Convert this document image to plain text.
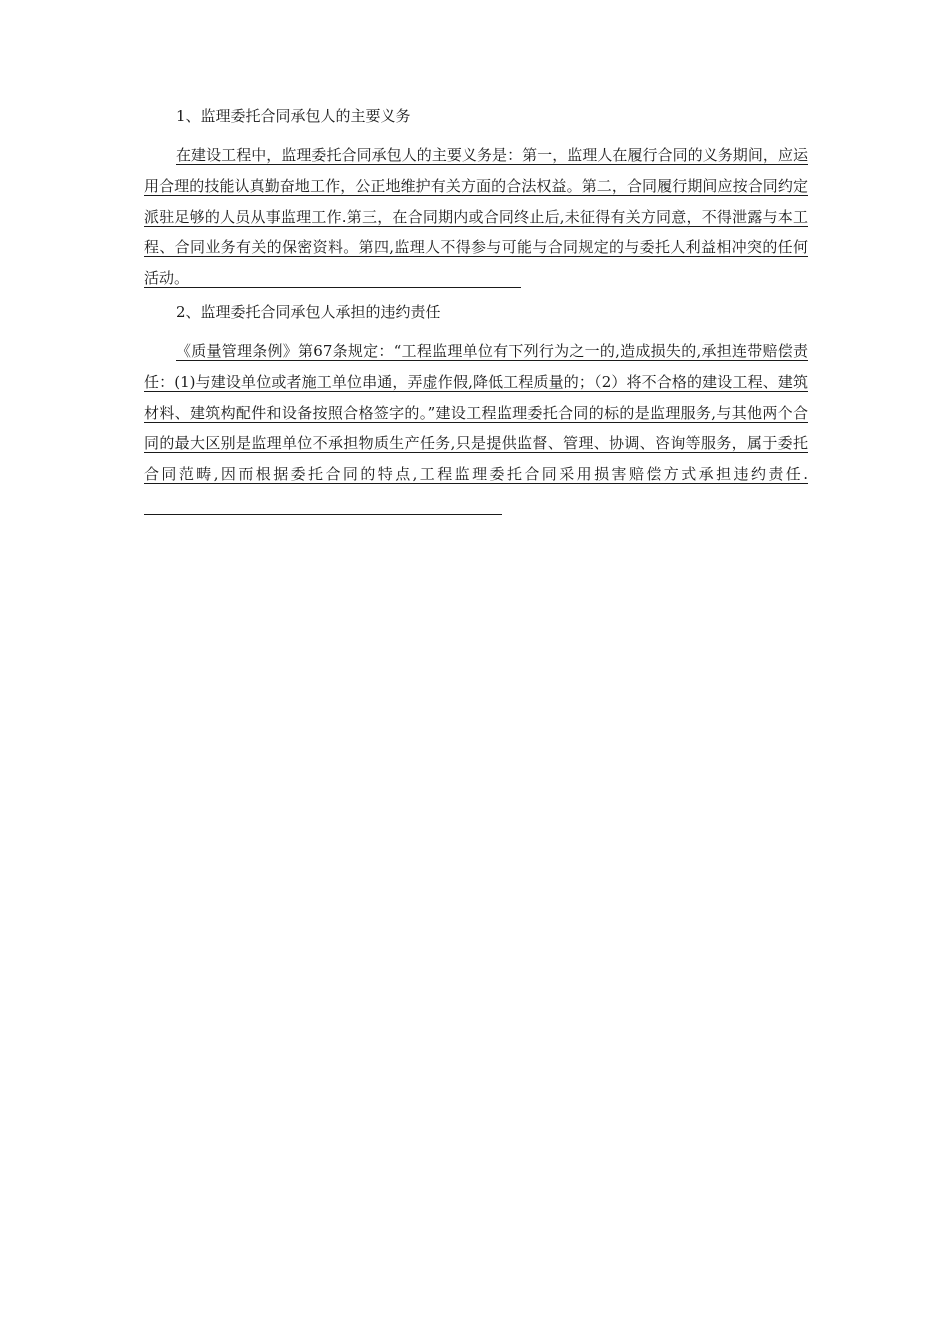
1、监理委托合同承包人的主要义务

在建设工程中，监理委托合同承包人的主要义务是：第一，监理人在履行合同的义务期间，应运用合理的技能认真勤奋地工作，公正地维护有关方面的合法权益。第二，合同履行期间应按合同约定派驻足够的人员从事监理工作.第三，在合同期内或合同终止后,未征得有关方同意，不得泄露与本工程、合同业务有关的保密资料。第四,监理人不得参与可能与合同规定的与委托人利益相冲突的任何活动。

2、监理委托合同承包人承担的违约责任

《质量管理条例》第67条规定：“工程监理单位有下列行为之一的,造成损失的,承担连带赔偿责任：(1)与建设单位或者施工单位串通，弄虚作假,降低工程质量的；（2）将不合格的建设工程、建筑材料、建筑构配件和设备按照合格签字的。”建设工程监理委托合同的标的是监理服务,与其他两个合同的最大区别是监理单位不承担物质生产任务,只是提供监督、管理、协调、咨询等服务，属于委托合同范畴,因而根据委托合同的特点,工程监理委托合同采用损害赔偿方式承担违约责任.
